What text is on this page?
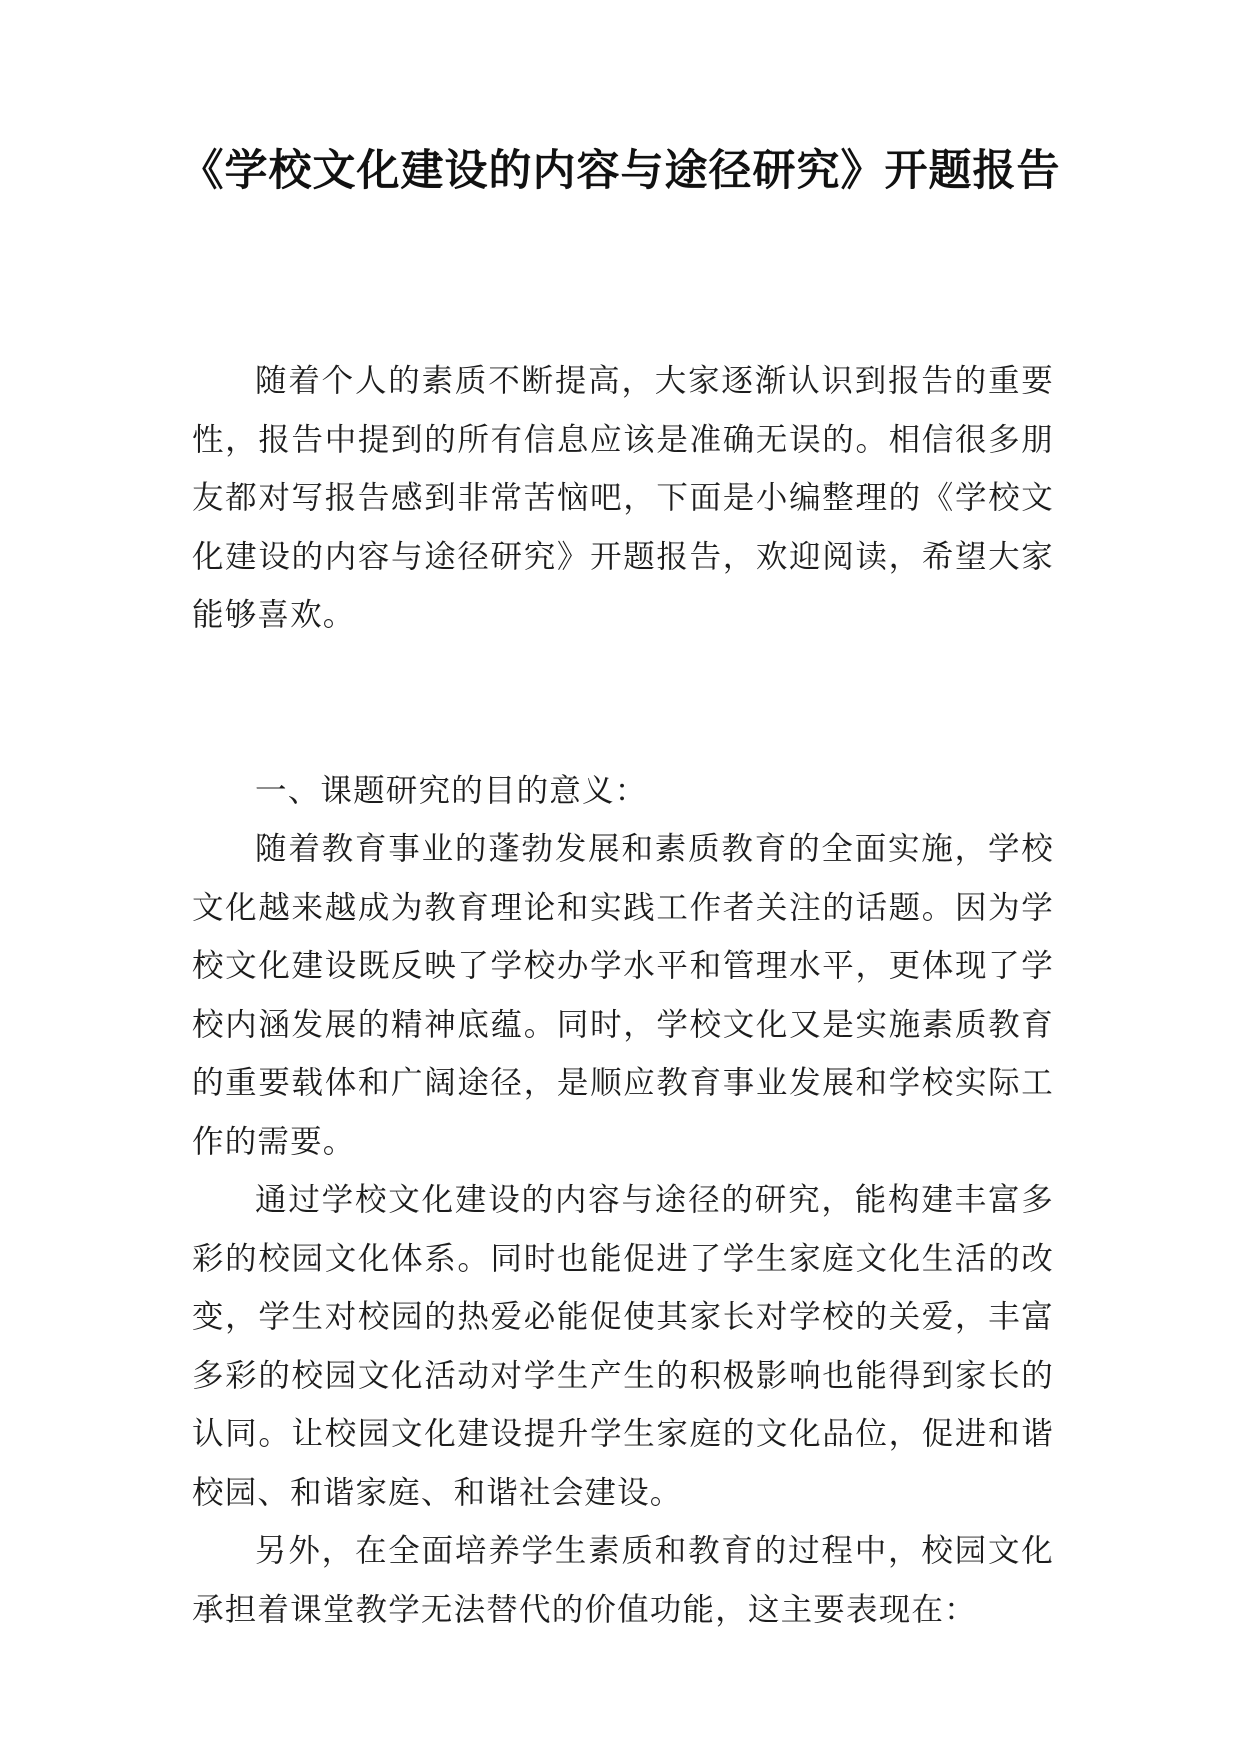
《学校文化建设的内容与途径研究》开题报告

随着个人的素质不断提高，大家逐渐认识到报告的重要性，报告中提到的所有信息应该是准确无误的。相信很多朋友都对写报告感到非常苦恼吧，下面是小编整理的《学校文化建设的内容与途径研究》开题报告，欢迎阅读，希望大家能够喜欢。

一、课题研究的目的意义：

随着教育事业的蓬勃发展和素质教育的全面实施，学校文化越来越成为教育理论和实践工作者关注的话题。因为学校文化建设既反映了学校办学水平和管理水平，更体现了学校内涵发展的精神底蕴。同时，学校文化又是实施素质教育的重要载体和广阔途径，是顺应教育事业发展和学校实际工作的需要。

通过学校文化建设的内容与途径的研究，能构建丰富多彩的校园文化体系。同时也能促进了学生家庭文化生活的改变，学生对校园的热爱必能促使其家长对学校的关爱，丰富多彩的校园文化活动对学生产生的积极影响也能得到家长的认同。让校园文化建设提升学生家庭的文化品位，促进和谐校园、和谐家庭、和谐社会建设。

另外，在全面培养学生素质和教育的过程中，校园文化承担着课堂教学无法替代的价值功能，这主要表现在：
